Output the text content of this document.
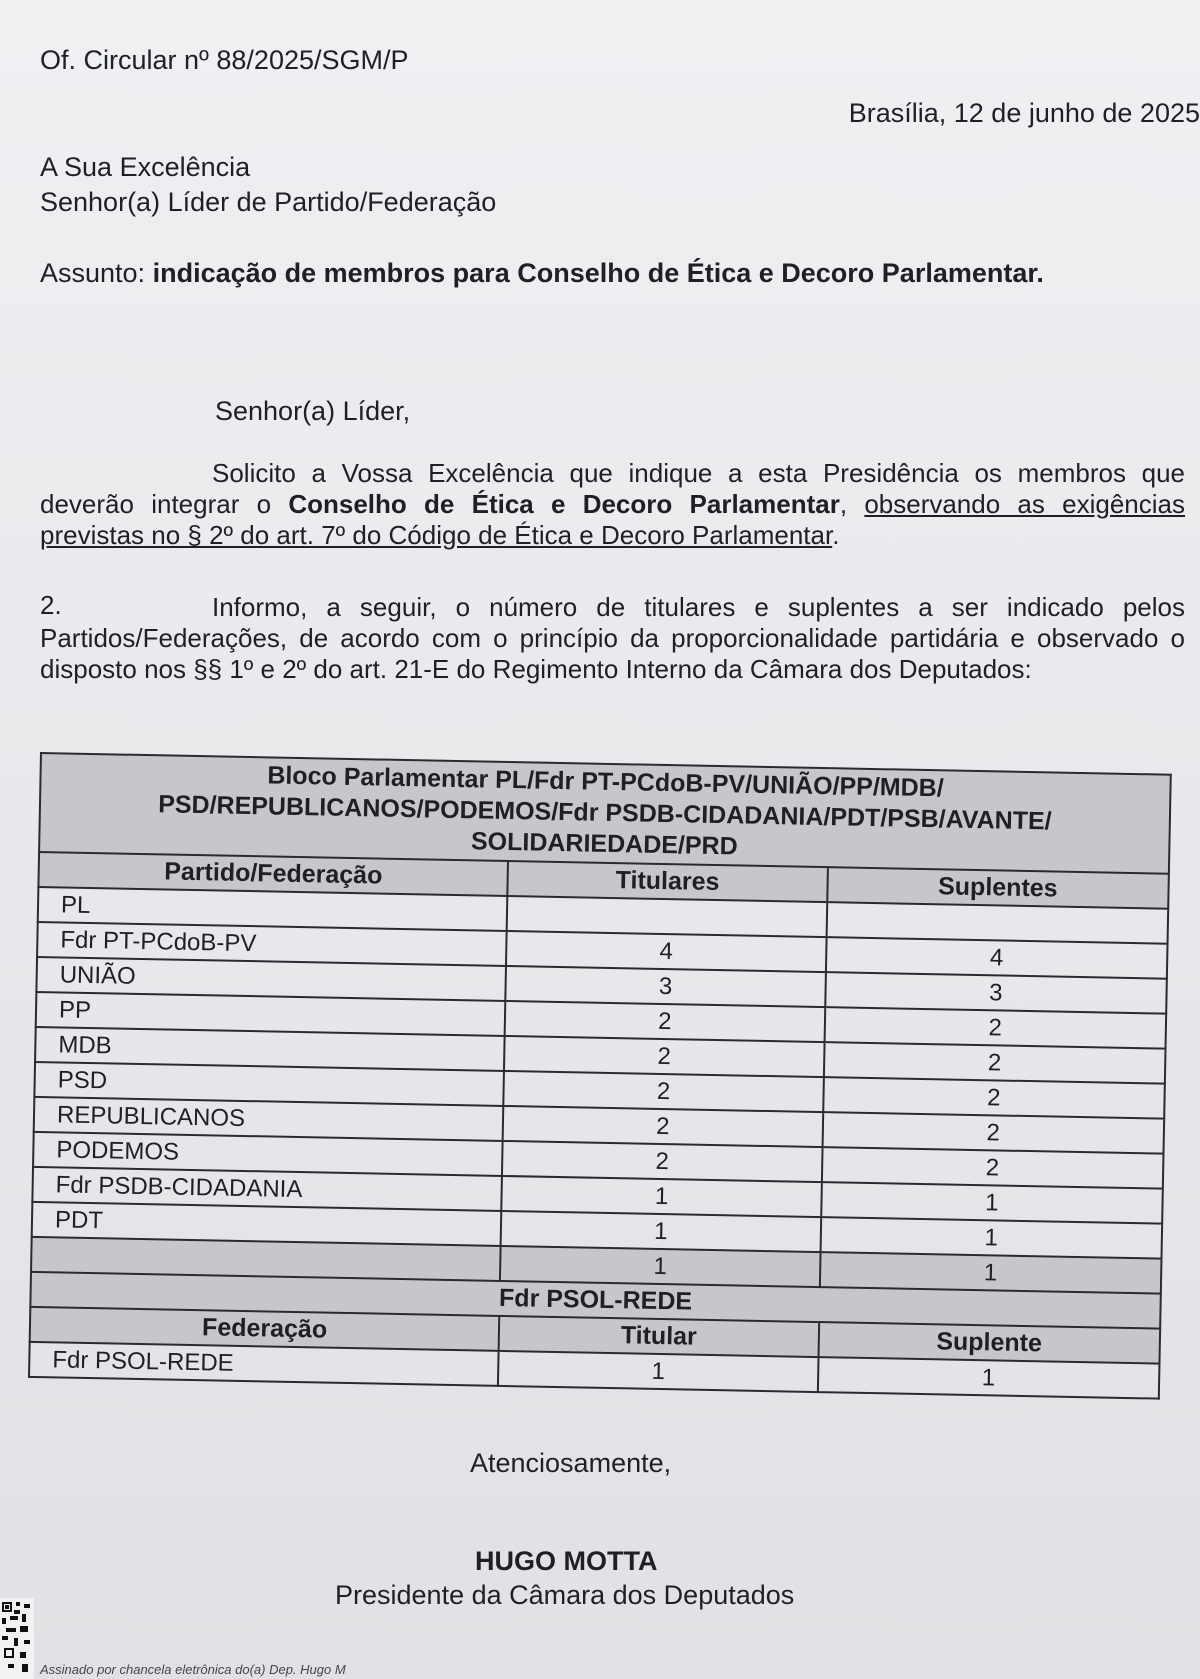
Of. Circular nº 88/2025/SGM/P
Brasília, 12 de junho de 2025
A Sua Excelência
Senhor(a) Líder de Partido/Federação
Assunto: indicação de membros para Conselho de Ética e Decoro Parlamentar.
Senhor(a) Líder,
Solicito a Vossa Excelência que indique a esta Presidência os membros que deverão integrar o Conselho de Ética e Decoro Parlamentar, observando as exigências previstas no § 2º do art. 7º do Código de Ética e Decoro Parlamentar.
2.	Informo, a seguir, o número de titulares e suplentes a ser indicado pelos Partidos/Federações, de acordo com o princípio da proporcionalidade partidária e observado o disposto nos §§ 1º e 2º do art. 21-E do Regimento Interno da Câmara dos Deputados:
Bloco Parlamentar PL/Fdr PT-PCdoB-PV/UNIÃO/PP/MDB/ PSD/REPUBLICANOS/PODEMOS/Fdr PSDB-CIDADANIA/PDT/PSB/AVANTE/ SOLIDARIEDADE/PRD		
Partido/Federação	Titulares	Suplentes
PL		
Fdr PT-PCdoB-PV	4	4
UNIÃO	3	3
PP	2	2
MDB	2	2
PSD	2	2
REPUBLICANOS	2	2
PODEMOS	2	2
Fdr PSDB-CIDADANIA	1	1
PDT	1	1
	1	1
Fdr PSOL-REDE		
Federação	Titular	Suplente
Fdr PSOL-REDE	1	1
Atenciosamente,
HUGO MOTTA
Presidente da Câmara dos Deputados
Assinado por chancela eletrônica do(a) Dep. Hugo M
